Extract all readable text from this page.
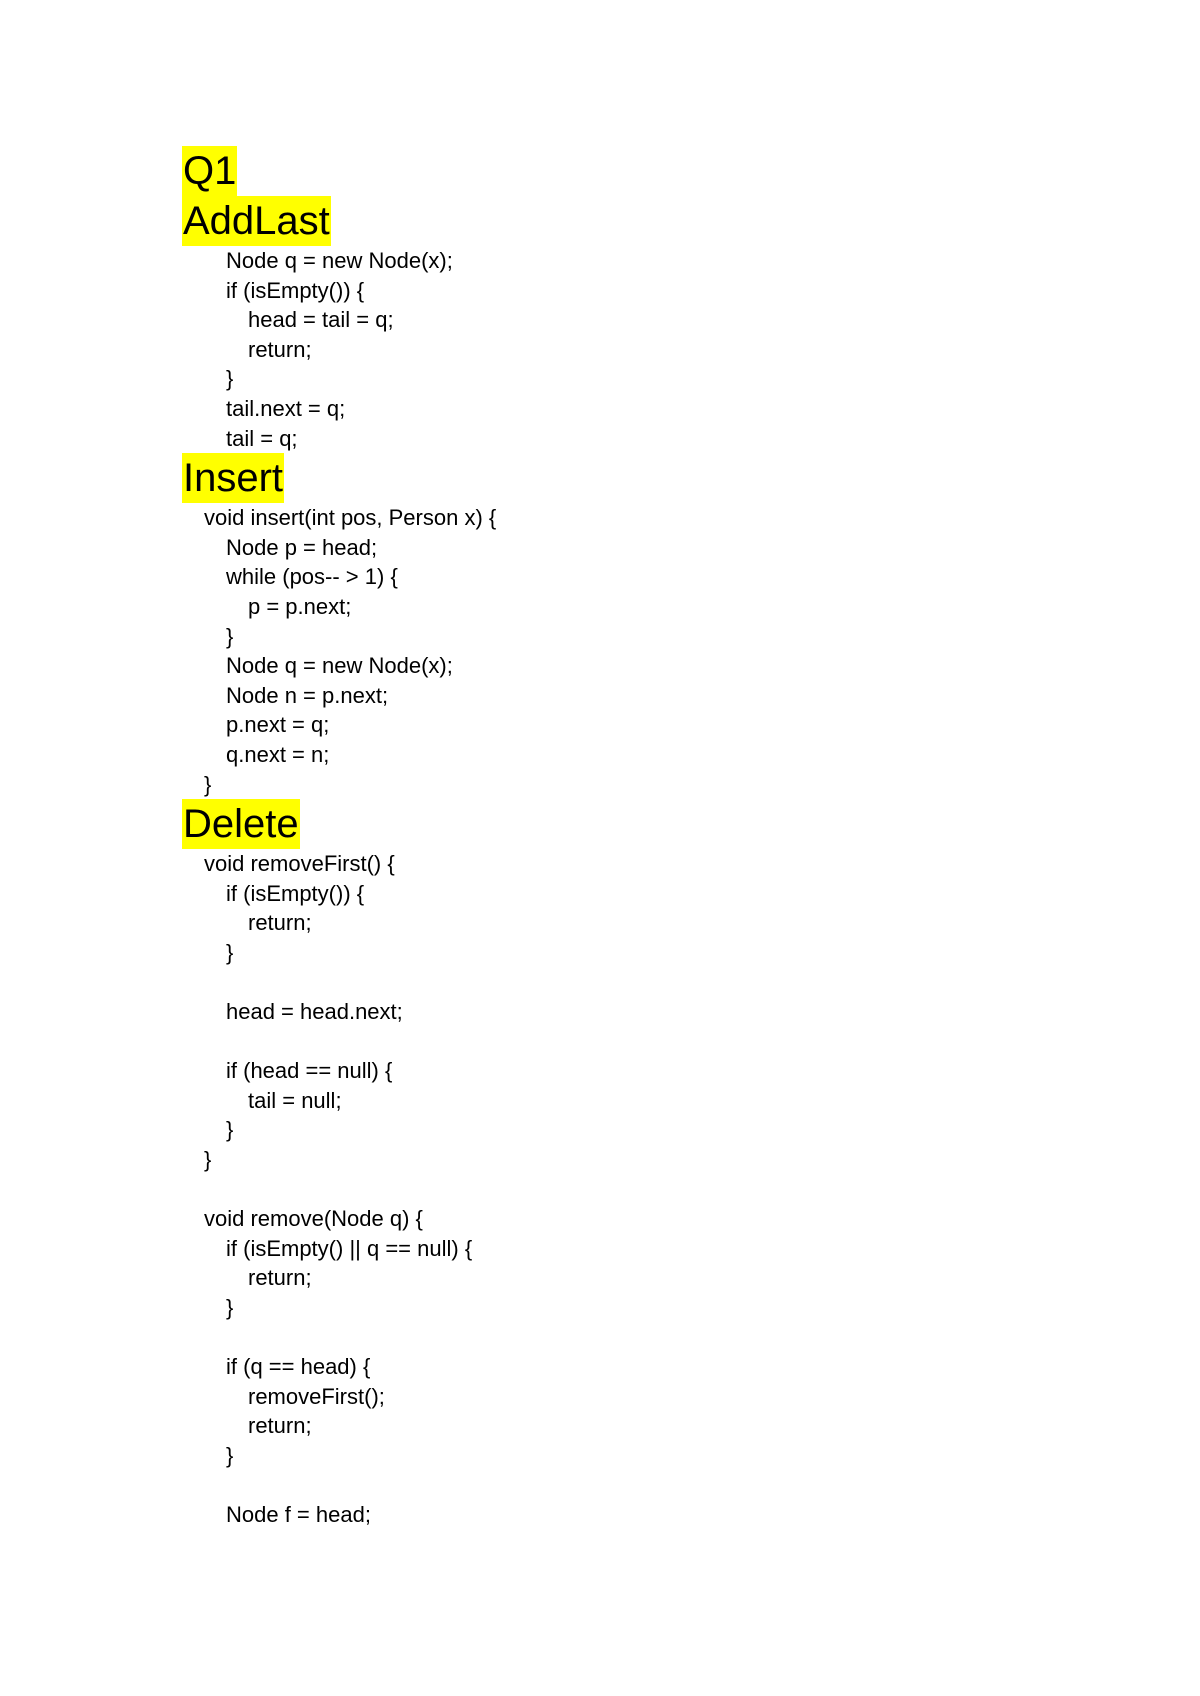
Q1
AddLast
Node q = new Node(x);
if (isEmpty()) {
head = tail = q;
return;
}
tail.next = q;
tail = q;
Insert
void insert(int pos, Person x) {
Node p = head;
while (pos-- > 1) {
p = p.next;
}
Node q = new Node(x);
Node n = p.next;
p.next = q;
q.next = n;
}
Delete
void removeFirst() {
if (isEmpty()) {
return;
}
head = head.next;
if (head == null) {
tail = null;
}
}
void remove(Node q) {
if (isEmpty() || q == null) {
return;
}
if (q == head) {
removeFirst();
return;
}
Node f = head;
